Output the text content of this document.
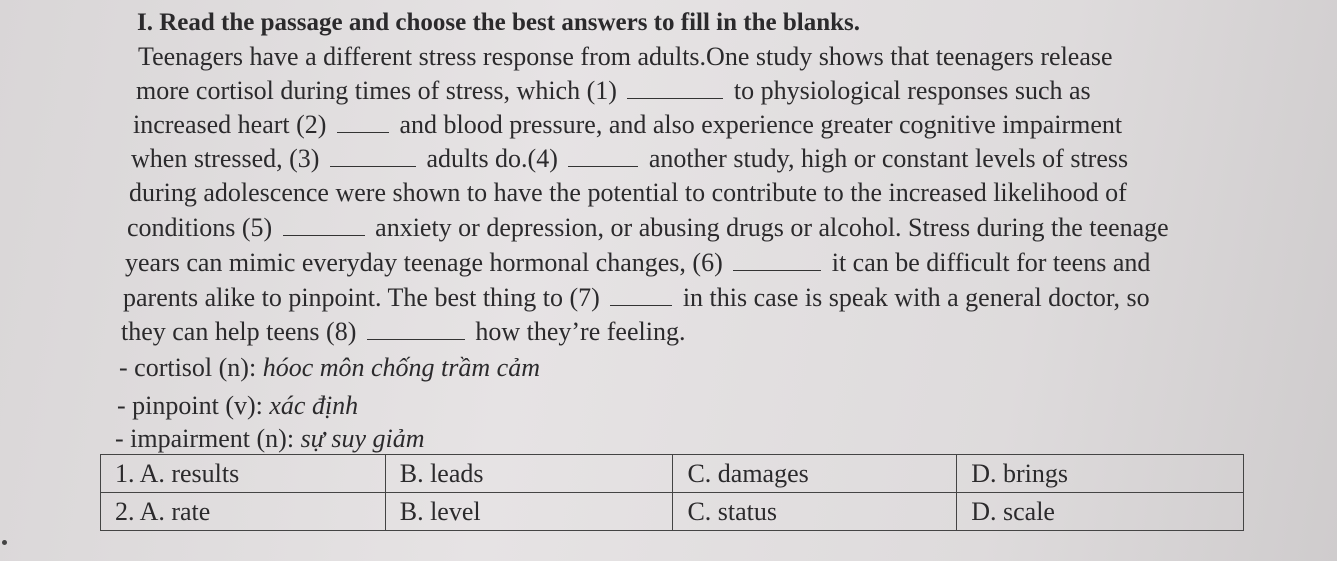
I. Read the passage and choose the best answers to fill in the blanks.
Teenagers have a different stress response from adults.One study shows that teenagers release
more cortisol during times of stress, which (1)	to physiological responses such as
increased heart (2)	and blood pressure, and also experience greater cognitive impairment
when stressed, (3)	adults do.(4)	another study, high or constant levels of stress
during adolescence were shown to have the potential to contribute to the increased likelihood of
conditions (5)	anxiety or depression, or abusing drugs or alcohol. Stress during the teenage
years can mimic everyday teenage hormonal changes, (6)	it can be difficult for teens and
parents alike to pinpoint. The best thing to (7)	in this case is speak with a general doctor, so
they can help teens (8)	how they’re feeling.
- cortisol (n): hóoc môn chống trầm cảm
- pinpoint (v): xác định
- impairment (n): sự suy giảm
1. A. results	B. leads	C. damages	D. brings
2. A. rate	B. level	C. status	D. scale
